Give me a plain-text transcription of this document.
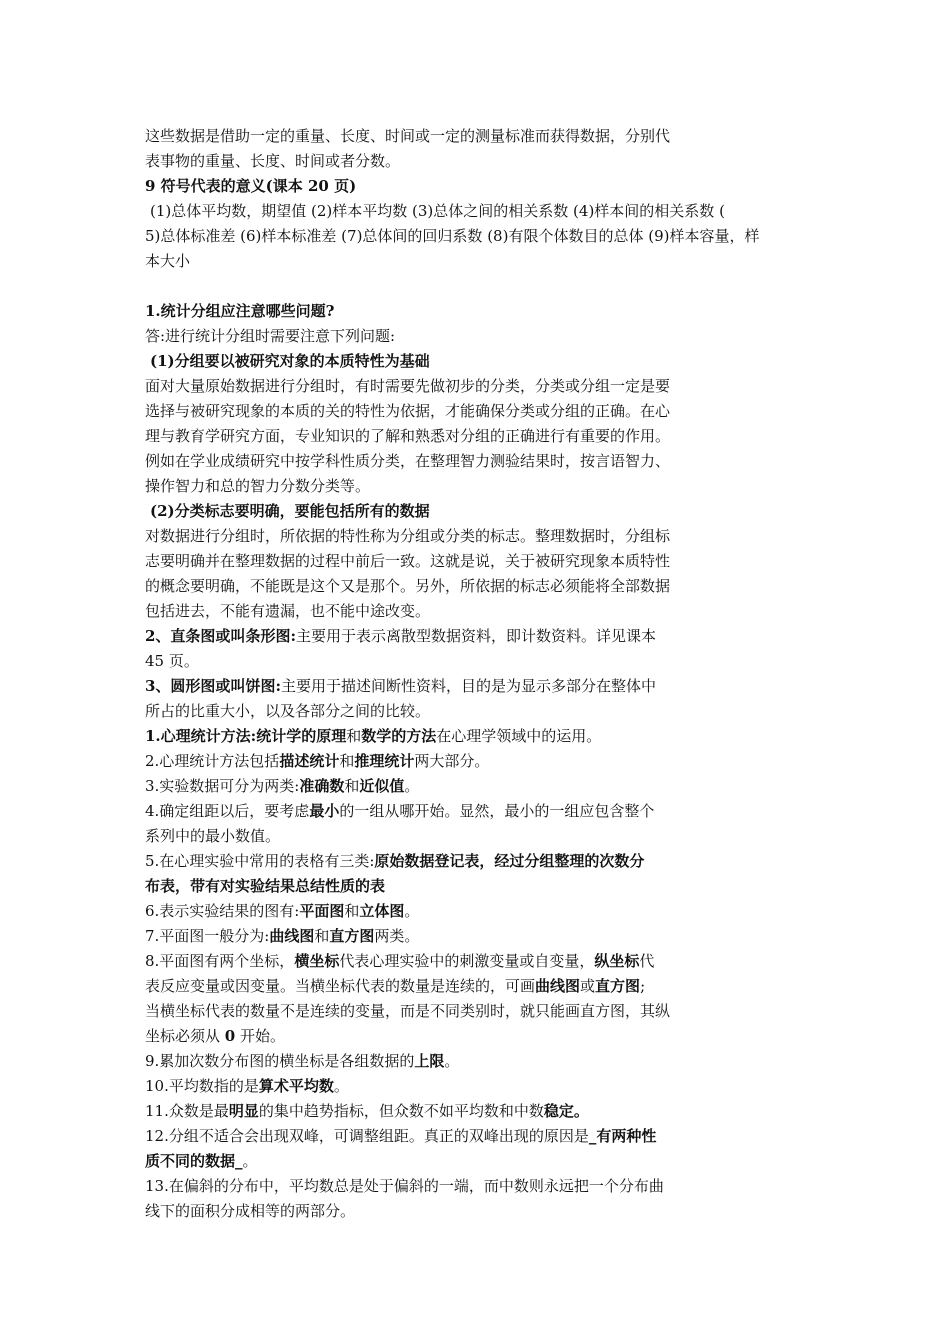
这些数据是借助一定的重量、长度、时间或一定的测量标准而获得数据，分别代
表事物的重量、长度、时间或者分数。
9 符号代表的意义(课本 20 页)
(1)总体平均数，期望值 (2)样本平均数 (3)总体之间的相关系数 (4)样本间的相关系数 (
5)总体标准差 (6)样本标准差 (7)总体间的回归系数 (8)有限个体数目的总体 (9)样本容量，样
本大小
1.统计分组应注意哪些问题?
答:进行统计分组时需要注意下列问题:
(1)分组要以被研究对象的本质特性为基础
面对大量原始数据进行分组时，有时需要先做初步的分类，分类或分组一定是要
选择与被研究现象的本质的关的特性为依据，才能确保分类或分组的正确。在心
理与教育学研究方面，专业知识的了解和熟悉对分组的正确进行有重要的作用。
例如在学业成绩研究中按学科性质分类，在整理智力测验结果时，按言语智力、
操作智力和总的智力分数分类等。
(2)分类标志要明确，要能包括所有的数据
对数据进行分组时，所依据的特性称为分组或分类的标志。整理数据时，分组标
志要明确并在整理数据的过程中前后一致。这就是说，关于被研究现象本质特性
的概念要明确，不能既是这个又是那个。另外，所依据的标志必须能将全部数据
包括进去，不能有遗漏，也不能中途改变。
2、直条图或叫条形图:主要用于表示离散型数据资料，即计数资料。详见课本
45 页。
3、圆形图或叫饼图:主要用于描述间断性资料，目的是为显示多部分在整体中
所占的比重大小，以及各部分之间的比较。
1.心理统计方法:统计学的原理和数学的方法在心理学领域中的运用。
2.心理统计方法包括描述统计和推理统计两大部分。
3.实验数据可分为两类:准确数和近似值。
4.确定组距以后，要考虑最小的一组从哪开始。显然，最小的一组应包含整个
系列中的最小数值。
5.在心理实验中常用的表格有三类:原始数据登记表，经过分组整理的次数分
布表，带有对实验结果总结性质的表
6.表示实验结果的图有:平面图和立体图。
7.平面图一般分为:曲线图和直方图两类。
8.平面图有两个坐标，横坐标代表心理实验中的刺激变量或自变量，纵坐标代
表反应变量或因变量。当横坐标代表的数量是连续的，可画曲线图或直方图;
当横坐标代表的数量不是连续的变量，而是不同类别时，就只能画直方图，其纵
坐标必须从 0 开始。
9.累加次数分布图的横坐标是各组数据的上限。
10.平均数指的是算术平均数。
11.众数是最明显的集中趋势指标，但众数不如平均数和中数稳定。
12.分组不适合会出现双峰，可调整组距。真正的双峰出现的原因是_有两种性
质不同的数据_。
13.在偏斜的分布中，平均数总是处于偏斜的一端，而中数则永远把一个分布曲
线下的面积分成相等的两部分。
